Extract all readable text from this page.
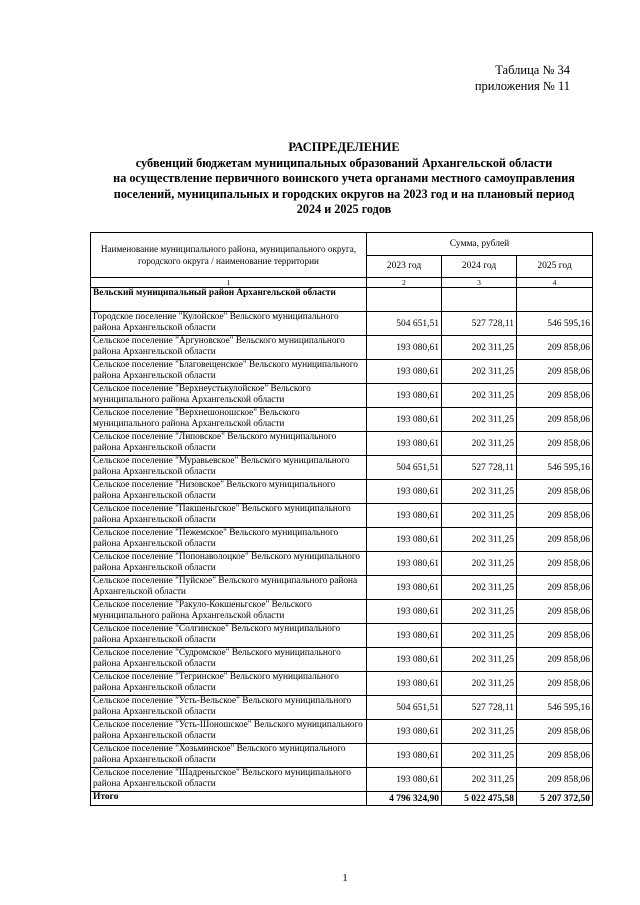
Таблица № 34
приложения № 11
РАСПРЕДЕЛЕНИЕ
субвенций бюджетам муниципальных образований Архангельской области
на осуществление первичного воинского учета органами местного самоуправления
поселений, муниципальных и городских округов на 2023 год и на плановый период
2024 и 2025 годов
Наименование муниципального района, муниципального округа, городского округа / наименование территории	Сумма, рублей		
	2023 год	2024 год	2025 год
1	2	3	4
Вельский муниципальный район Архангельской области			
Городское поселение "Кулойское" Вельского муниципального района Архангельской области	504 651,51	527 728,11	546 595,16
Сельское поселение "Аргуновское" Вельского муниципального района Архангельской области	193 080,61	202 311,25	209 858,06
Сельское поселение "Благовещенское" Вельского муниципального района Архангельской области	193 080,61	202 311,25	209 858,06
Сельское поселение "Верхнеустькулойское" Вельского муниципального района Архангельской области	193 080,61	202 311,25	209 858,06
Сельское поселение "Верхнешоношское" Вельского муниципального района Архангельской области	193 080,61	202 311,25	209 858,06
Сельское поселение "Липовское" Вельского муниципального района Архангельской области	193 080,61	202 311,25	209 858,06
Сельское поселение "Муравьевское" Вельского муниципального района Архангельской области	504 651,51	527 728,11	546 595,16
Сельское поселение "Низовское" Вельского муниципального района Архангельской области	193 080,61	202 311,25	209 858,06
Сельское поселение "Пакшеньгское" Вельского муниципального района Архангельской области	193 080,61	202 311,25	209 858,06
Сельское поселение "Пежемское" Вельского муниципального района Архангельской области	193 080,61	202 311,25	209 858,06
Сельское поселение "Попонаволоцкое" Вельского муниципального района Архангельской области	193 080,61	202 311,25	209 858,06
Сельское поселение "Пуйское" Вельского муниципального района Архангельской области	193 080,61	202 311,25	209 858,06
Сельское поселение "Ракуло-Кокшеньгское" Вельского муниципального района Архангельской области	193 080,61	202 311,25	209 858,06
Сельское поселение "Солгинское" Вельского муниципального района Архангельской области	193 080,61	202 311,25	209 858,06
Сельское поселение "Судромское" Вельского муниципального района Архангельской области	193 080,61	202 311,25	209 858,06
Сельское поселение "Тегринское" Вельского муниципального района Архангельской области	193 080,61	202 311,25	209 858,06
Сельское поселение "Усть-Вельское" Вельского муниципального района Архангельской области	504 651,51	527 728,11	546 595,16
Сельское поселение "Усть-Шоношское" Вельского муниципального района Архангельской области	193 080,61	202 311,25	209 858,06
Сельское поселение "Хозьминское" Вельского муниципального района Архангельской области	193 080,61	202 311,25	209 858,06
Сельское поселение "Шадреньгское" Вельского муниципального района Архангельской области	193 080,61	202 311,25	209 858,06
Итого	4 796 324,90	5 022 475,58	5 207 372,50
1
